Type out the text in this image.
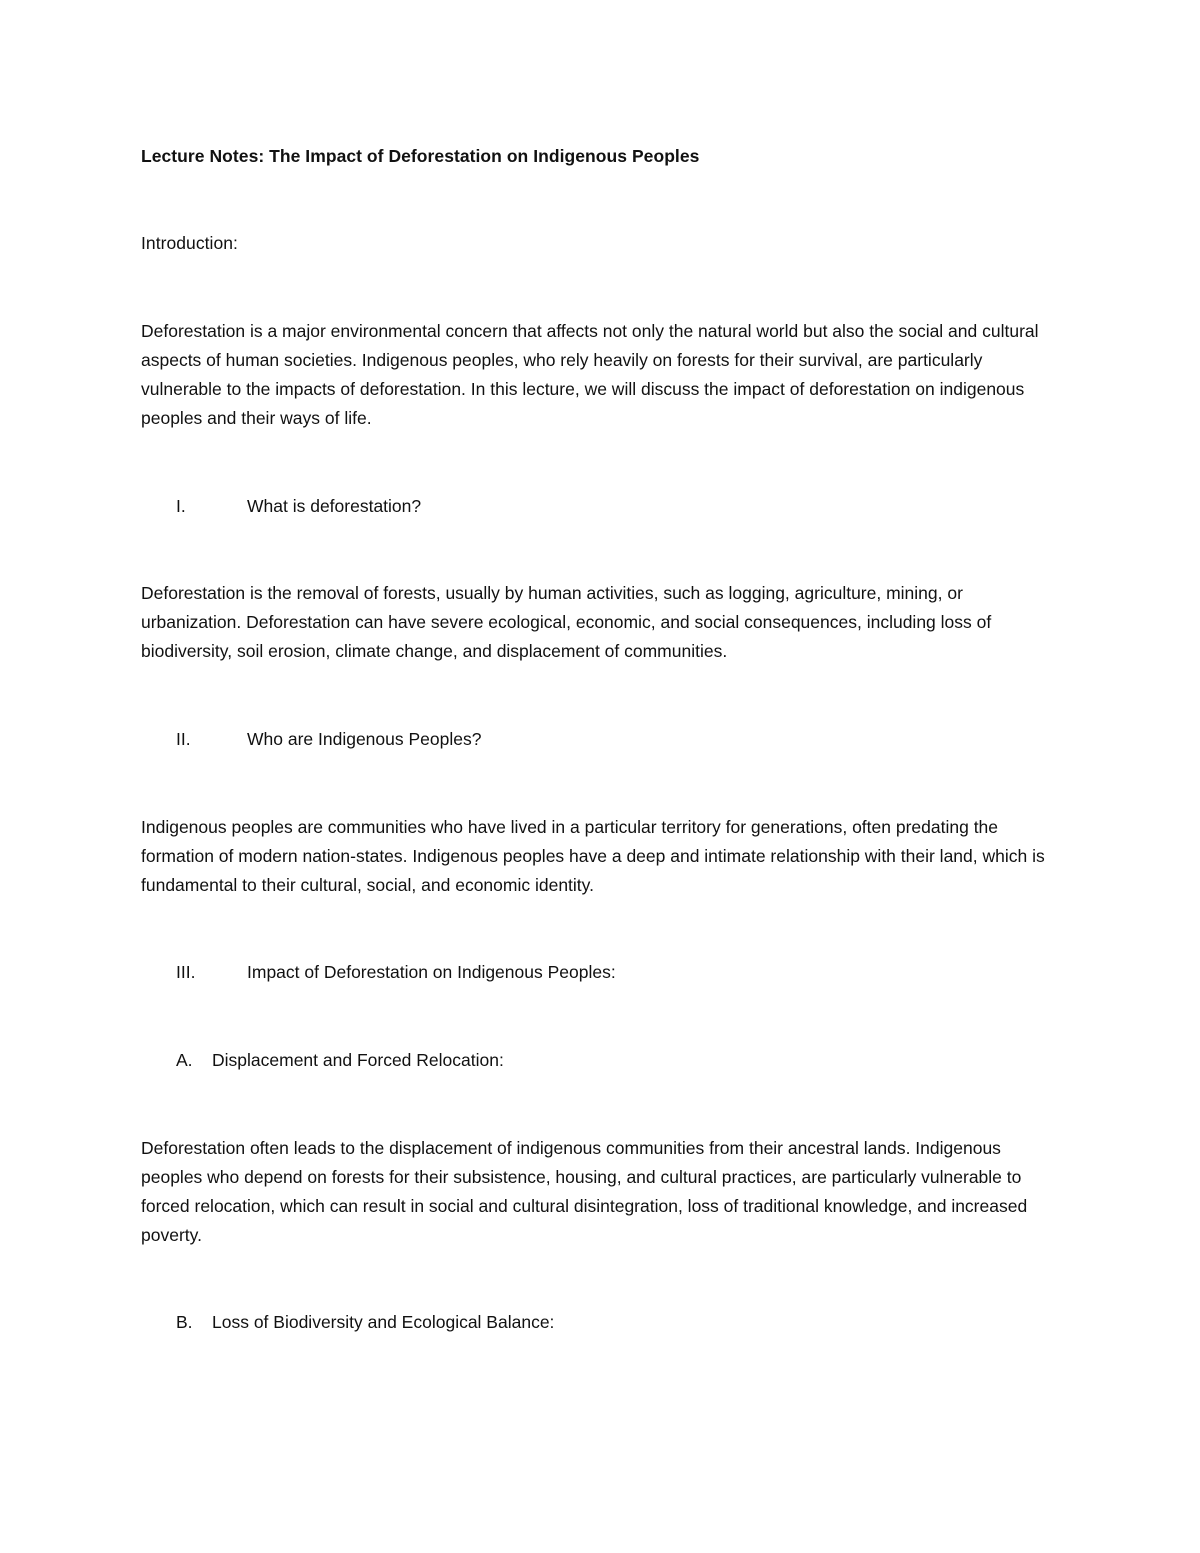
Lecture Notes: The Impact of Deforestation on Indigenous Peoples
Introduction:

Deforestation is a major environmental concern that affects not only the natural world but also the social and cultural aspects of human societies. Indigenous peoples, who rely heavily on forests for their survival, are particularly vulnerable to the impacts of deforestation. In this lecture, we will discuss the impact of deforestation on indigenous peoples and their ways of life.

I.	What is deforestation?

Deforestation is the removal of forests, usually by human activities, such as logging, agriculture, mining, or urbanization. Deforestation can have severe ecological, economic, and social consequences, including loss of biodiversity, soil erosion, climate change, and displacement of communities.

II.	Who are Indigenous Peoples?

Indigenous peoples are communities who have lived in a particular territory for generations, often predating the formation of modern nation-states. Indigenous peoples have a deep and intimate relationship with their land, which is fundamental to their cultural, social, and economic identity.

III.	Impact of Deforestation on Indigenous Peoples:
A. Displacement and Forced Relocation:

Deforestation often leads to the displacement of indigenous communities from their ancestral lands. Indigenous peoples who depend on forests for their subsistence, housing, and cultural practices, are particularly vulnerable to forced relocation, which can result in social and cultural disintegration, loss of traditional knowledge, and increased poverty.

B. Loss of Biodiversity and Ecological Balance:
